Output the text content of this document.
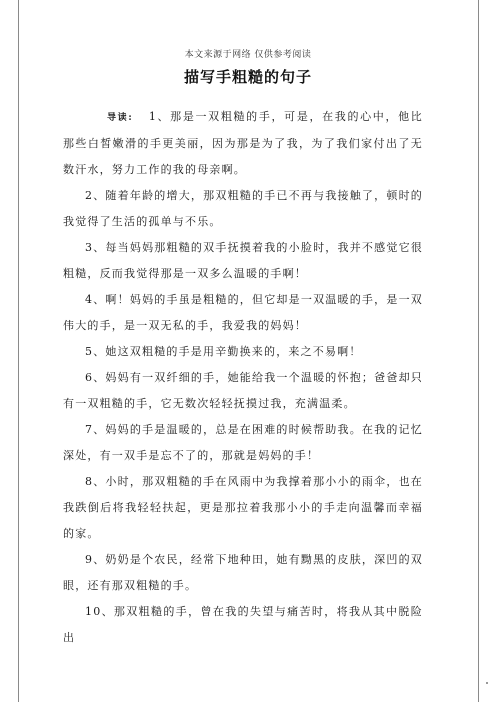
本文来源于网络 仅供参考阅读
描写手粗糙的句子

导读: 1、那是一双粗糙的手，可是，在我的心中，他比那些白皙嫩滑的手更美丽，因为那是为了我，为了我们家付出了无数汗水，努力工作的我的母亲啊。

2、随着年龄的增大，那双粗糙的手已不再与我接触了，顿时的我觉得了生活的孤单与不乐。

3、每当妈妈那粗糙的双手抚摸着我的小脸时，我并不感觉它很粗糙，反而我觉得那是一双多么温暖的手啊！

4、啊！妈妈的手虽是粗糙的，但它却是一双温暖的手，是一双伟大的手，是一双无私的手，我爱我的妈妈！

5、她这双粗糙的手是用辛勤换来的，来之不易啊！

6、妈妈有一双纤细的手，她能给我一个温暖的怀抱；爸爸却只有一双粗糙的手，它无数次轻轻抚摸过我，充满温柔。

7、妈妈的手是温暖的，总是在困难的时候帮助我。在我的记忆深处，有一双手是忘不了的，那就是妈妈的手！

8、小时，那双粗糙的手在风雨中为我撑着那小小的雨伞，也在我跌倒后将我轻轻扶起，更是那拉着我那小小的手走向温馨而幸福的家。

9、奶奶是个农民，经常下地种田，她有黝黑的皮肤，深凹的双眼，还有那双粗糙的手。

10、那双粗糙的手，曾在我的失望与痛苦时，将我从其中脱险出
